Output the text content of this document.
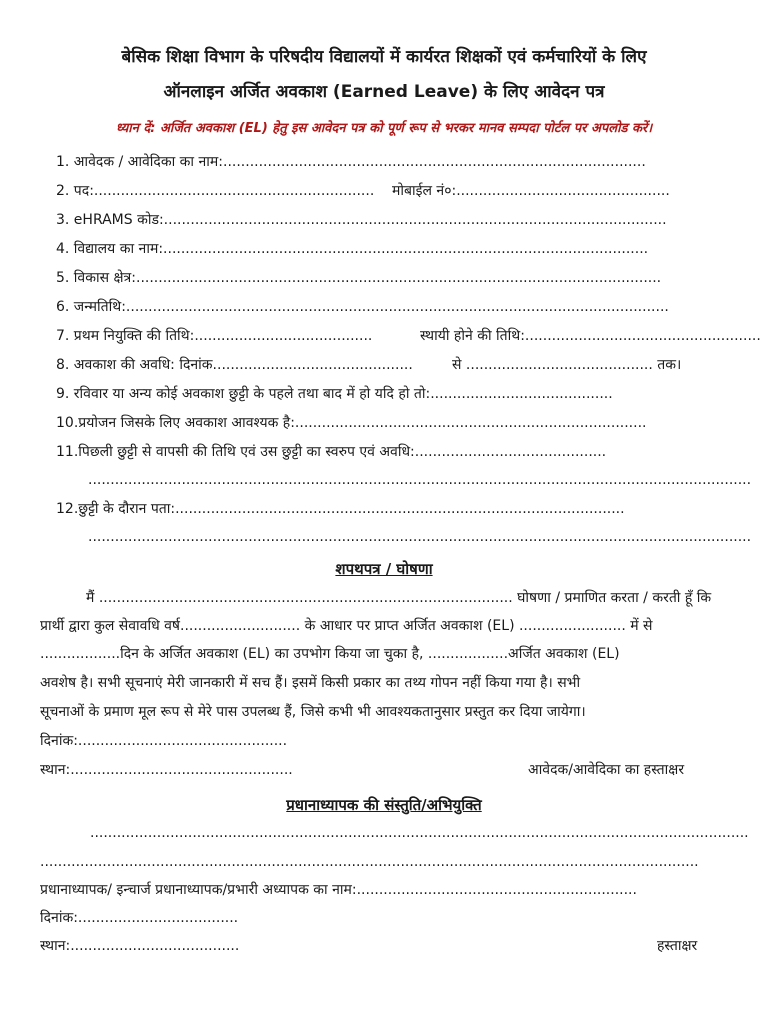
बेसिक शिक्षा विभाग के परिषदीय विद्यालयों में कार्यरत शिक्षकों एवं कर्मचारियों के लिए
ऑनलाइन अर्जित अवकाश (Earned Leave) के लिए आवेदन पत्र
ध्यान दें: अर्जित अवकाश (EL) हेतु इस आवेदन पत्र को पूर्ण रूप से भरकर मानव सम्पदा पोर्टल पर अपलोड करें।
1. आवेदक / आवेदिका का नाम:...............................................................................................
2. पद:...............................................................	मोबाईल नं०:................................................
3. eHRAMS कोड:.................................................................................................................
4. विद्यालय का नाम:.............................................................................................................
5. विकास क्षेत्र:......................................................................................................................
6. जन्मतिथि:..........................................................................................................................
7. प्रथम नियुक्ति की तिथि:........................................	स्थायी होने की तिथि:.....................................................
8. अवकाश की अवधि: दिनांक.............................................	से .......................................... तक।
9. रविवार या अन्य कोई अवकाश छुट्टी के पहले तथा बाद में हो यदि हो तो:.........................................
10.प्रयोजन जिसके लिए अवकाश आवश्यक है:...............................................................................
11.पिछली छुट्टी से वापसी की तिथि एवं उस छुट्टी का स्वरुप एवं अवधि:...........................................
.....................................................................................................................................................
12.छुट्टी के दौरान पता:.....................................................................................................
.....................................................................................................................................................
शपथपत्र / घोषणा
मैं ............................................................................................. घोषणा / प्रमाणित करता / करती हूँ कि
प्रार्थी द्वारा कुल सेवावधि वर्ष........................... के आधार पर प्राप्त अर्जित अवकाश (EL) ........................ में से
..................दिन के अर्जित अवकाश (EL) का उपभोग किया जा चुका है, ..................अर्जित अवकाश (EL)
अवशेष है। सभी सूचनाएं मेरी जानकारी में सच हैं। इसमें किसी प्रकार का तथ्य गोपन नहीं किया गया है। सभी
सूचनाओं के प्रमाण मूल रूप से मेरे पास उपलब्ध हैं, जिसे कभी भी आवश्यकतानुसार प्रस्तुत कर दिया जायेगा।
दिनांक:...............................................
स्थान:..................................................	आवेदक/आवेदिका का हस्ताक्षर
प्रधानाध्यापक की संस्तुति/अभियुक्ति
....................................................................................................................................................
....................................................................................................................................................
प्रधानाध्यापक/ इन्चार्ज प्रधानाध्यापक/प्रभारी अध्यापक का नाम:...............................................................
दिनांक:....................................
स्थान:......................................	हस्ताक्षर
